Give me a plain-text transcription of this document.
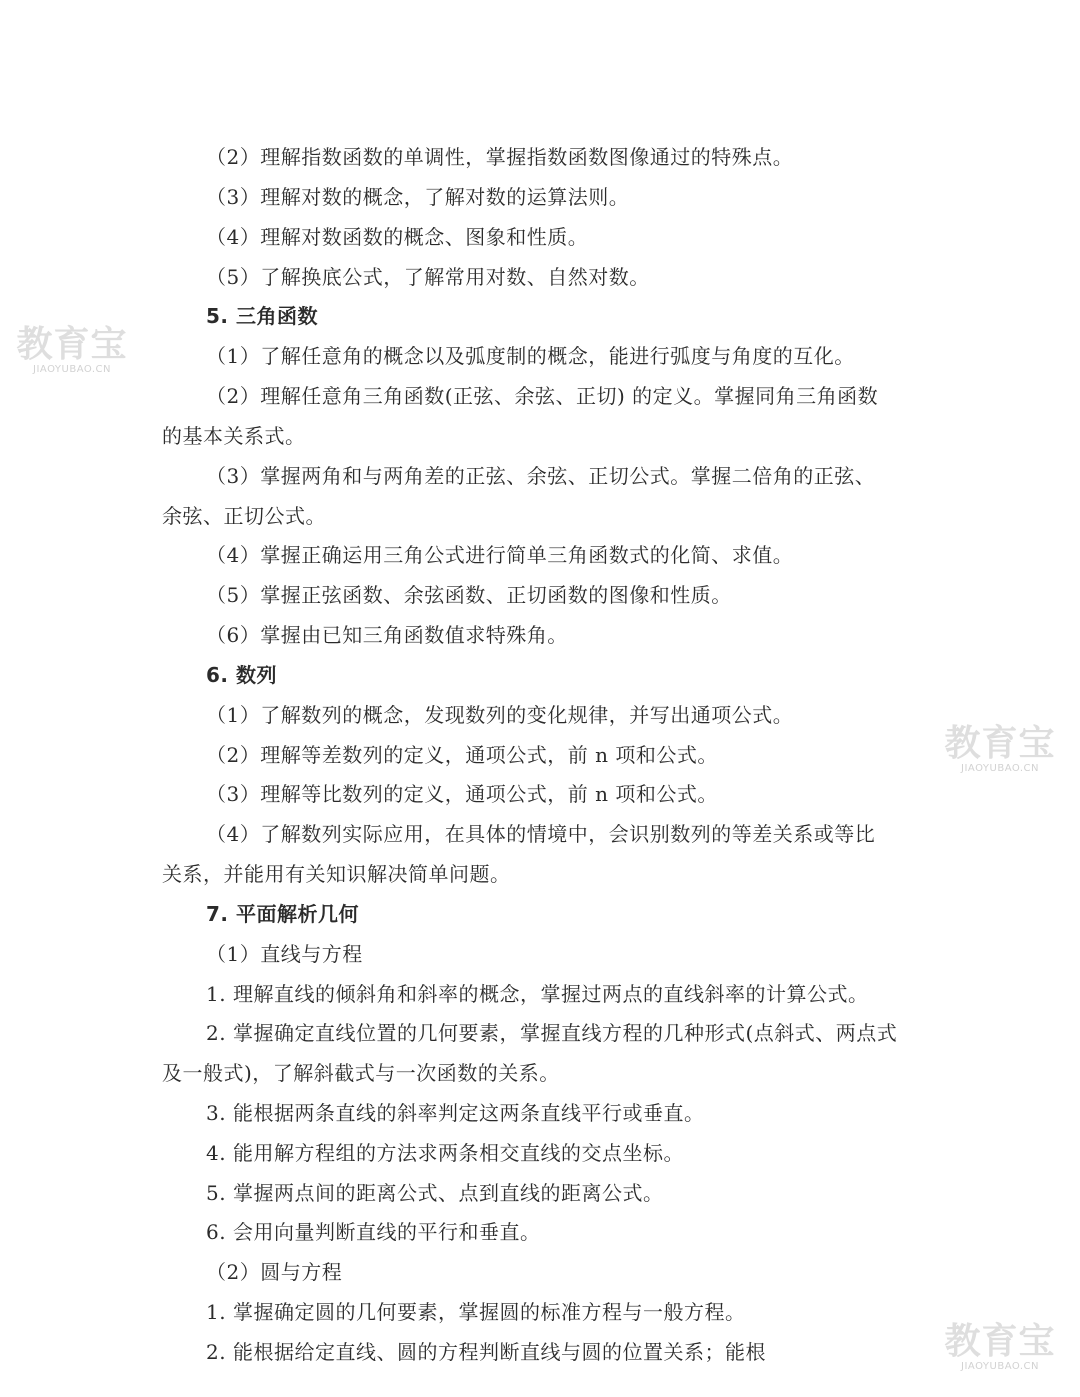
（2）理解指数函数的单调性，掌握指数函数图像通过的特殊点。
（3）理解对数的概念，了解对数的运算法则。
（4）理解对数函数的概念、图象和性质。
（5）了解换底公式，了解常用对数、自然对数。
5. 三角函数
（1）了解任意角的概念以及弧度制的概念，能进行弧度与角度的互化。
（2）理解任意角三角函数(正弦、余弦、正切) 的定义。掌握同角三角函数
的基本关系式。
（3）掌握两角和与两角差的正弦、余弦、正切公式。掌握二倍角的正弦、
余弦、正切公式。
（4）掌握正确运用三角公式进行简单三角函数式的化简、求值。
（5）掌握正弦函数、余弦函数、正切函数的图像和性质。
（6）掌握由已知三角函数值求特殊角。
6. 数列
（1）了解数列的概念，发现数列的变化规律，并写出通项公式。
（2）理解等差数列的定义，通项公式，前 n 项和公式。
（3）理解等比数列的定义，通项公式，前 n 项和公式。
（4）了解数列实际应用，在具体的情境中，会识别数列的等差关系或等比
关系，并能用有关知识解决简单问题。
7. 平面解析几何
（1）直线与方程
1. 理解直线的倾斜角和斜率的概念，掌握过两点的直线斜率的计算公式。
2. 掌握确定直线位置的几何要素，掌握直线方程的几种形式(点斜式、两点式
及一般式)，了解斜截式与一次函数的关系。
3. 能根据两条直线的斜率判定这两条直线平行或垂直。
4. 能用解方程组的方法求两条相交直线的交点坐标。
5. 掌握两点间的距离公式、点到直线的距离公式。
6. 会用向量判断直线的平行和垂直。
（2）圆与方程
1. 掌握确定圆的几何要素，掌握圆的标准方程与一般方程。
2. 能根据给定直线、圆的方程判断直线与圆的位置关系；能根
教育宝
JIAOYUBAO.CN
教育宝
JIAOYUBAO.CN
教育宝
JIAOYUBAO.CN
